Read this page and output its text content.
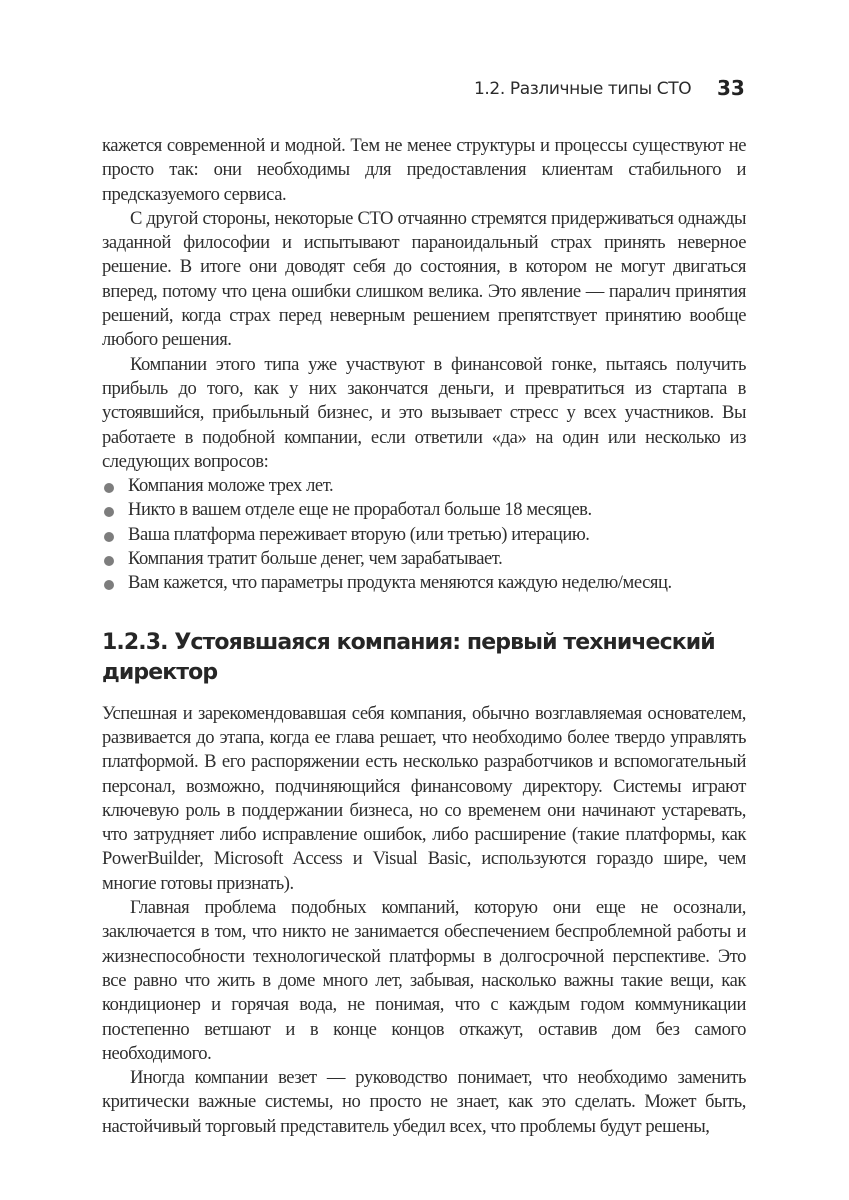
1.2. Различные типы СТО 33

кажется современной и модной. Тем не менее структуры и процессы существуют не просто так: они необходимы для предоставления клиентам стабильного и предсказуемого сервиса.

С другой стороны, некоторые СТО отчаянно стремятся придерживаться однажды заданной философии и испытывают параноидальный страх принять неверное решение. В итоге они доводят себя до состояния, в котором не могут двигаться вперед, потому что цена ошибки слишком велика. Это явление — паралич принятия решений, когда страх перед неверным решением препятствует принятию вообще любого решения.

Компании этого типа уже участвуют в финансовой гонке, пытаясь получить прибыль до того, как у них закончатся деньги, и превратиться из стартапа в устоявшийся, прибыльный бизнес, и это вызывает стресс у всех участников. Вы работаете в подобной компании, если ответили «да» на один или несколько из следующих вопросов:

Компания моложе трех лет.
Никто в вашем отделе еще не проработал больше 18 месяцев.
Ваша платформа переживает вторую (или третью) итерацию.
Компания тратит больше денег, чем зарабатывает.
Вам кажется, что параметры продукта меняются каждую неделю/месяц.
1.2.3. Устоявшаяся компания: первый технический директор

Успешная и зарекомендовавшая себя компания, обычно возглавляемая основателем, развивается до этапа, когда ее глава решает, что необходимо более твердо управлять платформой. В его распоряжении есть несколько разработчиков и вспомогательный персонал, возможно, подчиняющийся финансовому директору. Системы играют ключевую роль в поддержании бизнеса, но со временем они начинают устаревать, что затрудняет либо исправление ошибок, либо расширение (такие платформы, как PowerBuilder, Microsoft Access и Visual Basic, используются гораздо шире, чем многие готовы признать).

Главная проблема подобных компаний, которую они еще не осознали, заключается в том, что никто не занимается обеспечением беспроблемной работы и жизнеспособности технологической платформы в долгосрочной перспективе. Это все равно что жить в доме много лет, забывая, насколько важны такие вещи, как кондиционер и горячая вода, не понимая, что с каждым годом коммуникации постепенно ветшают и в конце концов откажут, оставив дом без самого необходимого.

Иногда компании везет — руководство понимает, что необходимо заменить критически важные системы, но просто не знает, как это сделать. Может быть, настойчивый торговый представитель убедил всех, что проблемы будут решены,
